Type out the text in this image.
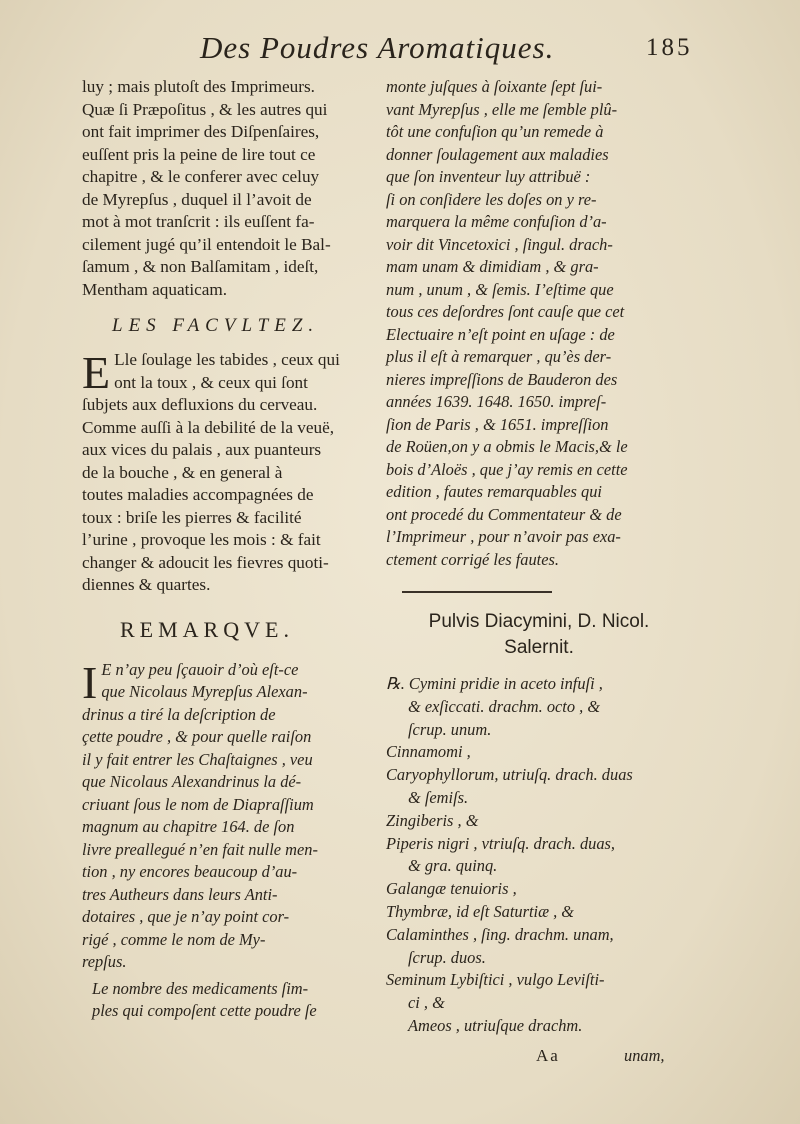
Des Poudres Aromatiques.	185
luy ; mais plutoſt des Imprimeurs.
Quæ ſi Præpoſitus , & les autres qui
ont fait imprimer des Diſpenſaires,
euſſent pris la peine de lire tout ce
chapitre , & le conferer avec celuy
de Myrepſus , duquel il l’avoit de
mot à mot tranſcrit : ils euſſent fa-
cilement jugé qu’il entendoit le Bal-
ſamum , & non Balſamitam , ideſt,
Mentham aquaticam.
LES FACVLTEZ.
E Lle ſoulage les tabides , ceux qui
ont la toux , & ceux qui ſont
ſubjets aux defluxions du cerveau.
Comme auſſi à la debilité de la veuë,
aux vices du palais , aux puanteurs
de la bouche , & en general à
toutes maladies accompagnées de
toux : briſe les pierres & facilité
l’urine , provoque les mois : & fait
changer & adoucit les fievres quoti-
diennes & quartes.
REMARQVE.
I E n’ay peu ſçauoir d’où eſt-ce
que Nicolaus Myrepſus Alexan-
drinus a tiré la deſcription de
çette poudre , & pour quelle raiſon
il y fait entrer les Chaſtaignes , veu
que Nicolaus Alexandrinus la dé-
criuant ſous le nom de Diapraſſium
magnum au chapitre 164. de ſon
livre preallegué n’en fait nulle men-
tion , ny encores beaucoup d’au-
tres Autheurs dans leurs Anti-
dotaires , que je n’ay point cor-
rigé , comme le nom de My-
repſus.
Le nombre des medicaments ſim-
ples qui compoſent cette poudre ſe
monte juſques à ſoixante ſept ſui-
vant Myrepſus , elle me ſemble plû-
tôt une confuſion qu’un remede à
donner ſoulagement aux maladies
que ſon inventeur luy attribuë :
ſi on conſidere les doſes on y re-
marquera la même confuſion d’a-
voir dit Vincetoxici , ſingul. drach-
mam unam & dimidiam , & gra-
num , unum , & ſemis. I’eſtime que
tous ces deſordres ſont cauſe que cet
Electuaire n’eſt point en uſage : de
plus il eſt à remarquer , qu’ès der-
nieres impreſſions de Bauderon des
années 1639. 1648. 1650. impreſ-
ſion de Paris , & 1651. impreſſion
de Roüen,on y a obmis le Macis,& le
bois d’Aloës , que j’ay remis en cette
edition , fautes remarquables qui
ont procedé du Commentateur & de
l’Imprimeur , pour n’avoir pas exa-
ctement corrigé les fautes.
Pulvis Diacymini, D. Nicol.
Salernit.
℞. Cymini pridie in aceto infuſi ,
& exſiccati. drachm. octo , &
ſcrup. unum.
Cinnamomi ,
Caryophyllorum, utriuſq. drach. duas
& ſemiſs.
Zingiberis , &
Piperis nigri , vtriuſq. drach. duas,
& gra. quinq.
Galangæ tenuioris ,
Thymbræ, id eſt Saturtiæ , &
Calaminthes , ſing. drachm. unam,
ſcrup. duos.
Seminum Lybiſtici , vulgo Leviſti-
ci , &
Ameos , utriuſque drachm.
Aa	unam,
